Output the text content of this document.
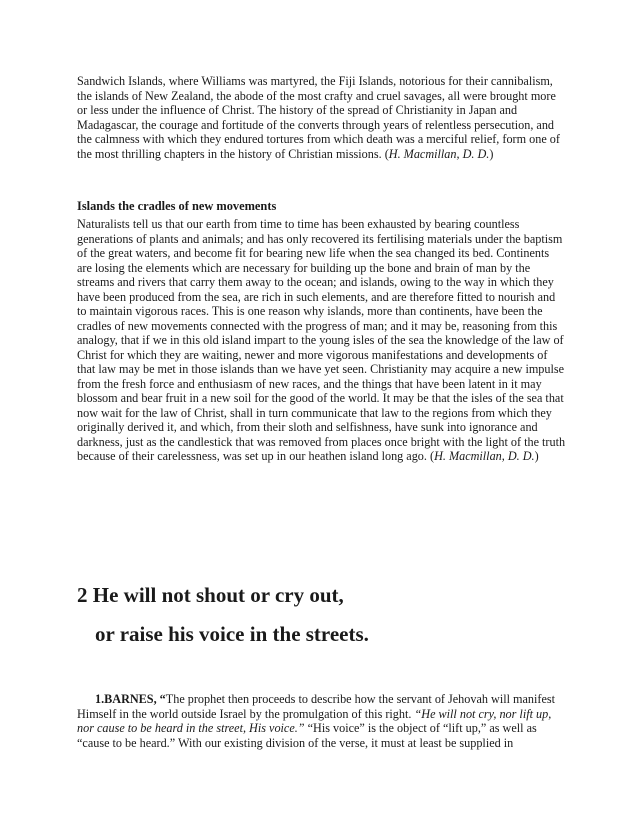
Sandwich Islands, where Williams was martyred, the Fiji Islands, notorious for their cannibalism, the islands of New Zealand, the abode of the most crafty and cruel savages, all were brought more or less under the influence of Christ. The history of the spread of Christianity in Japan and Madagascar, the courage and fortitude of the converts through years of relentless persecution, and the calmness with which they endured tortures from which death was a merciful relief, form one of the most thrilling chapters in the history of Christian missions. (H. Macmillan, D. D.)

Islands the cradles of new movements

Naturalists tell us that our earth from time to time has been exhausted by bearing countless generations of plants and animals; and has only recovered its fertilising materials under the baptism of the great waters, and become fit for bearing new life when the sea changed its bed. Continents are losing the elements which are necessary for building up the bone and brain of man by the streams and rivers that carry them away to the ocean; and islands, owing to the way in which they have been produced from the sea, are rich in such elements, and are therefore fitted to nourish and to maintain vigorous races. This is one reason why islands, more than continents, have been the cradles of new movements connected with the progress of man; and it may be, reasoning from this analogy, that if we in this old island impart to the young isles of the sea the knowledge of the law of Christ for which they are waiting, newer and more vigorous manifestations and developments of that law may be met in those islands than we have yet seen. Christianity may acquire a new impulse from the fresh force and enthusiasm of new races, and the things that have been latent in it may blossom and bear fruit in a new soil for the good of the world. It may be that the isles of the sea that now wait for the law of Christ, shall in turn communicate that law to the regions from which they originally derived it, and which, from their sloth and selfishness, have sunk into ignorance and darkness, just as the candlestick that was removed from places once bright with the light of the truth because of their carelessness, was set up in our heathen island long ago. (H. Macmillan, D. D.)

2 He will not shout or cry out,

or raise his voice in the streets.

1.BARNES, “The prophet then proceeds to describe how the servant of Jehovah will manifest Himself in the world outside Israel by the promulgation of this right. “He will not cry, nor lift up, nor cause to be heard in the street, His voice.” “His voice” is the object of “lift up,” as well as “cause to be heard.” With our existing division of the verse, it must at least be supplied in
